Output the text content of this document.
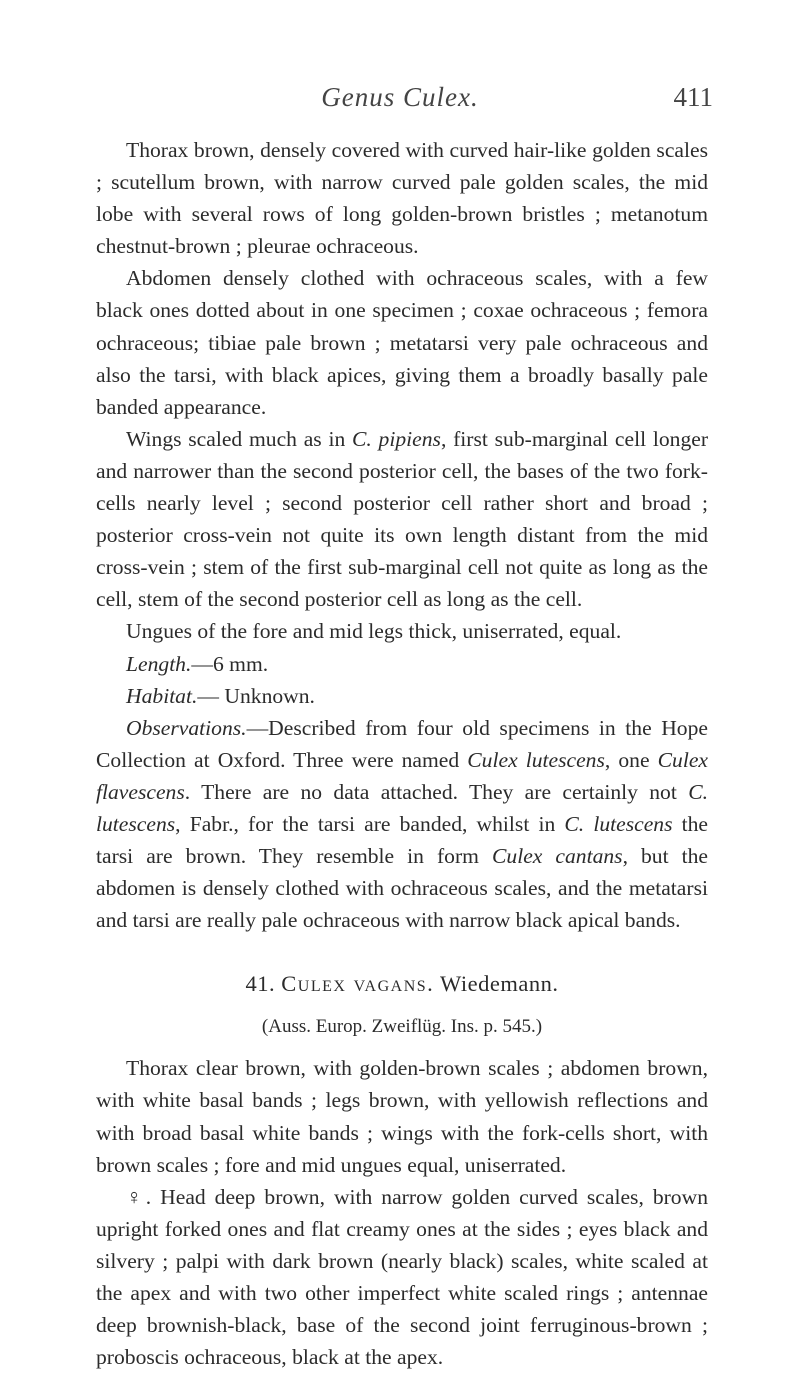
Genus Culex.	411

Thorax brown, densely covered with curved hair-like golden scales ; scutellum brown, with narrow curved pale golden scales, the mid lobe with several rows of long golden-brown bristles ; metanotum chestnut-brown ; pleurae ochraceous.

Abdomen densely clothed with ochraceous scales, with a few black ones dotted about in one specimen ; coxae ochraceous ; femora ochraceous; tibiae pale brown ; metatarsi very pale ochraceous and also the tarsi, with black apices, giving them a broadly basally pale banded appearance.

Wings scaled much as in C. pipiens, first sub-marginal cell longer and narrower than the second posterior cell, the bases of the two fork-cells nearly level ; second posterior cell rather short and broad ; posterior cross-vein not quite its own length distant from the mid cross-vein ; stem of the first sub-marginal cell not quite as long as the cell, stem of the second posterior cell as long as the cell.

Ungues of the fore and mid legs thick, uniserrated, equal.

Length.—6 mm.

Habitat.— Unknown.

Observations.—Described from four old specimens in the Hope Collection at Oxford. Three were named Culex lutescens, one Culex flavescens. There are no data attached. They are certainly not C. lutescens, Fabr., for the tarsi are banded, whilst in C. lutescens the tarsi are brown. They resemble in form Culex cantans, but the abdomen is densely clothed with ochraceous scales, and the metatarsi and tarsi are really pale ochraceous with narrow black apical bands.

41. Culex vagans. Wiedemann.

(Auss. Europ. Zweiflüg. Ins. p. 545.)

Thorax clear brown, with golden-brown scales ; abdomen brown, with white basal bands ; legs brown, with yellowish reflections and with broad basal white bands ; wings with the fork-cells short, with brown scales ; fore and mid ungues equal, uniserrated.

♀. Head deep brown, with narrow golden curved scales, brown upright forked ones and flat creamy ones at the sides ; eyes black and silvery ; palpi with dark brown (nearly black) scales, white scaled at the apex and with two other imperfect white scaled rings ; antennae deep brownish-black, base of the second joint ferruginous-brown ; proboscis ochraceous, black at the apex.
